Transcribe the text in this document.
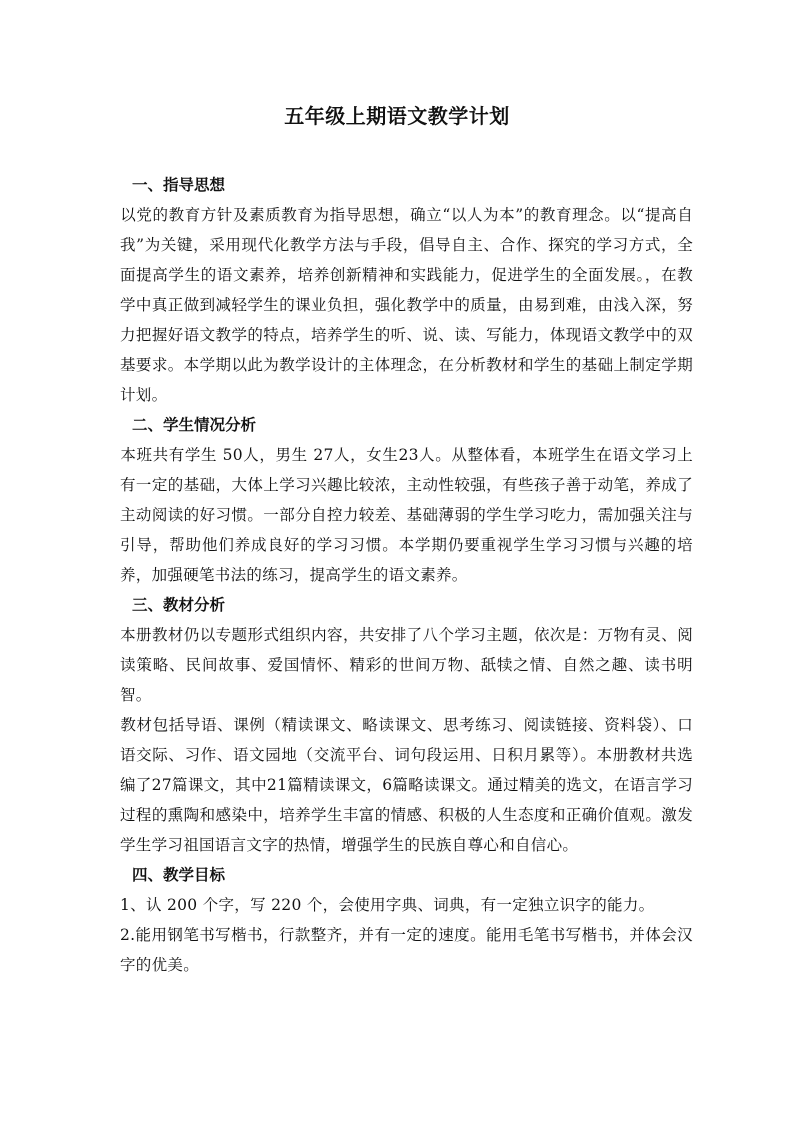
五年级上期语文教学计划

一、指导思想

以党的教育方针及素质教育为指导思想，确立“以人为本”的教育理念。以“提高自我”为关键，采用现代化教学方法与手段，倡导自主、合作、探究的学习方式，全面提高学生的语文素养，培养创新精神和实践能力，促进学生的全面发展。，在教学中真正做到减轻学生的课业负担，强化教学中的质量，由易到难，由浅入深，努力把握好语文教学的特点，培养学生的听、说、读、写能力，体现语文教学中的双基要求。本学期以此为教学设计的主体理念，在分析教材和学生的基础上制定学期计划。

二、学生情况分析

本班共有学生 50人，男生 27人，女生23人。从整体看，本班学生在语文学习上有一定的基础，大体上学习兴趣比较浓，主动性较强，有些孩子善于动笔，养成了主动阅读的好习惯。一部分自控力较差、基础薄弱的学生学习吃力，需加强关注与引导，帮助他们养成良好的学习习惯。本学期仍要重视学生学习习惯与兴趣的培养，加强硬笔书法的练习，提高学生的语文素养。

三、教材分析

本册教材仍以专题形式组织内容，共安排了八个学习主题，依次是：万物有灵、阅读策略、民间故事、爱国情怀、精彩的世间万物、舐犊之情、自然之趣、读书明智。

教材包括导语、课例（精读课文、略读课文、思考练习、阅读链接、资料袋）、口语交际、习作、语文园地（交流平台、词句段运用、日积月累等）。本册教材共选编了27篇课文，其中21篇精读课文，6篇略读课文。通过精美的选文，在语言学习过程的熏陶和感染中，培养学生丰富的情感、积极的人生态度和正确价值观。激发学生学习祖国语言文字的热情，增强学生的民族自尊心和自信心。

四、教学目标

1、认 200 个字，写 220 个，会使用字典、词典，有一定独立识字的能力。

2.能用钢笔书写楷书，行款整齐，并有一定的速度。能用毛笔书写楷书，并体会汉字的优美。
